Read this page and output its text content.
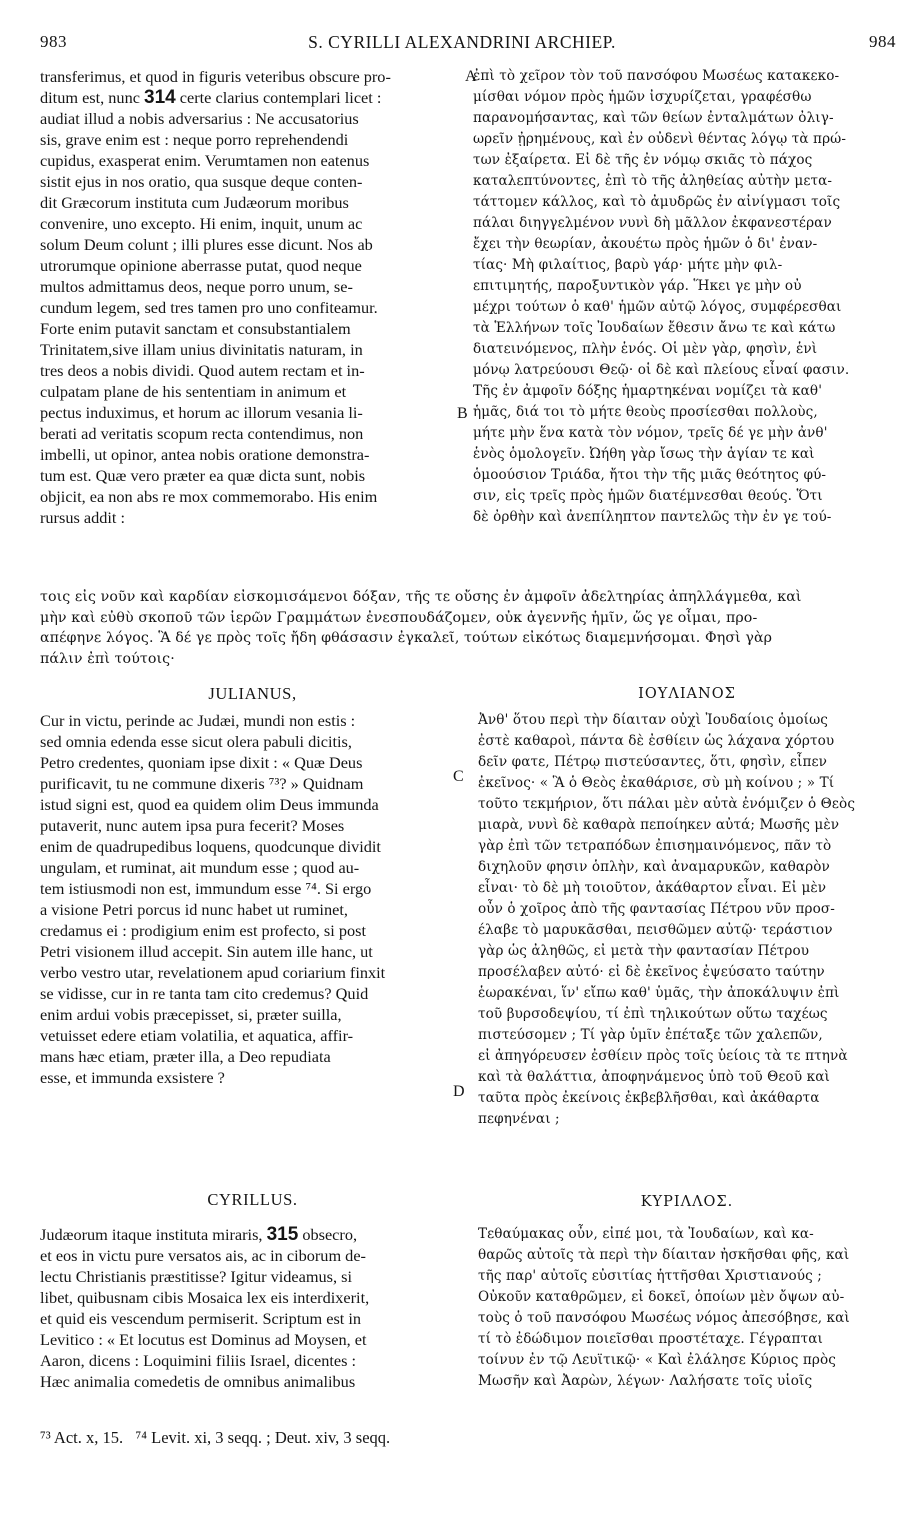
983	S. CYRILLI ALEXANDRINI ARCHIEP.	984
transferimus, et quod in figuris veteribus obscure pro-
ditum est, nunc 314 certe clarius contemplari licet :
audiat illud a nobis adversarius : Ne accusatorius
sis, grave enim est : neque porro reprehendendi
cupidus, exasperat enim. Verumtamen non eatenus
sistit ejus in nos oratio, qua susque deque conten-
dit Græcorum instituta cum Judæorum moribus
convenire, uno excepto. Hi enim, inquit, unum ac
solum Deum colunt ; illi plures esse dicunt. Nos ab
utrorumque opinione aberrasse putat, quod neque
multos admittamus deos, neque porro unum, se-
cundum legem, sed tres tamen pro uno confiteamur.
Forte enim putavit sanctam et consubstantialem
Trinitatem,sive illam unius divinitatis naturam, in
tres deos a nobis dividi. Quod autem rectam et in-
culpatam plane de his sententiam in animum et
pectus induximus, et horum ac illorum vesania li-
berati ad veritatis scopum recta contendimus, non
imbelli, ut opinor, antea nobis oratione demonstra-
tum est. Quæ vero præter ea quæ dicta sunt, nobis
objicit, ea non abs re mox commemorabo. His enim
rursus addit :
ἐπὶ τὸ χεῖρον τὸν τοῦ πανσόφου Μωσέως κατακεκο-
μίσθαι νόμον πρὸς ἡμῶν ἰσχυρίζεται, γραφέσθω
παρανομήσαντας, καὶ τῶν θείων ἐνταλμάτων ὀλιγ-
ωρεῖν ᾐρημένους, καὶ ἐν οὐδενὶ θέντας λόγῳ τὰ πρώ-
των ἐξαίρετα. Εἰ δὲ τῆς ἐν νόμῳ σκιᾶς τὸ πάχος
καταλεπτύνοντες, ἐπὶ τὸ τῆς ἀληθείας αὐτὴν μετα-
τάττομεν κάλλος, καὶ τὸ ἀμυδρῶς ἐν αἰνίγμασι τοῖς
πάλαι διηγγελμένον νυνὶ δὴ μᾶλλον ἐκφανεστέραν
ἔχει τὴν θεωρίαν, ἀκουέτω πρὸς ἡμῶν ὁ δι' ἐναν-
τίας· Μὴ φιλαίτιος, βαρὺ γάρ· μήτε μὴν φιλ-
επιτιμητής, παροξυντικὸν γάρ. Ἥκει γε μὴν οὐ
μέχρι τούτων ὁ καθ' ἡμῶν αὐτῷ λόγος, συμφέρεσθαι
τὰ Ἑλλήνων τοῖς Ἰουδαίων ἔθεσιν ἄνω τε καὶ κάτω
διατεινόμενος, πλὴν ἑνός. Οἱ μὲν γὰρ, φησὶν, ἑνὶ
μόνῳ λατρεύουσι Θεῷ· οἱ δὲ καὶ πλείους εἶναί φασιν.
Τῆς ἐν ἀμφοῖν δόξης ἡμαρτηκέναι νομίζει τὰ καθ'
ἡμᾶς, διά τοι τὸ μήτε θεοὺς προσίεσθαι πολλοὺς,
μήτε μὴν ἕνα κατὰ τὸν νόμον, τρεῖς δέ γε μὴν ἀνθ'
ἑνὸς ὁμολογεῖν. Ὠήθη γὰρ ἴσως τὴν ἁγίαν τε καὶ
ὁμοούσιον Τριάδα, ἤτοι τὴν τῆς μιᾶς θεότητος φύ-
σιν, εἰς τρεῖς πρὸς ἡμῶν διατέμνεσθαι θεούς. Ὅτι
δὲ ὀρθὴν καὶ ἀνεπίληπτον παντελῶς τὴν ἐν γε τού-
τοις εἰς νοῦν καὶ καρδίαν εἰσκομισάμενοι δόξαν, τῆς τε οὔσης ἐν ἀμφοῖν ἀδελτηρίας ἀπηλλάγμεθα, καὶ
μὴν καὶ εὐθὺ σκοποῦ τῶν ἱερῶν Γραμμάτων ἐνεσπουδάζομεν, οὐκ ἀγεννῆς ἡμῖν, ὥς γε οἶμαι, προ-
απέφηνε λόγος. Ἃ δέ γε πρὸς τοῖς ἤδη φθάσασιν ἐγκαλεῖ, τούτων εἰκότως διαμεμνήσομαι. Φησὶ γὰρ
πάλιν ἐπὶ τούτοις·
A
B
C
D
JULIANUS,	ΙΟΥΛΙΑΝΟΣ
Cur in victu, perinde ac Judæi, mundi non estis :
sed omnia edenda esse sicut olera pabuli dicitis,
Petro credentes, quoniam ipse dixit : « Quæ Deus
purificavit, tu ne commune dixeris ⁷³? » Quidnam
istud signi est, quod ea quidem olim Deus immunda
putaverit, nunc autem ipsa pura fecerit? Moses
enim de quadrupedibus loquens, quodcunque dividit
ungulam, et ruminat, ait mundum esse ; quod au-
tem istiusmodi non est, immundum esse ⁷⁴. Si ergo
a visione Petri porcus id nunc habet ut ruminet,
credamus ei : prodigium enim est profecto, si post
Petri visionem illud accepit. Sin autem ille hanc, ut
verbo vestro utar, revelationem apud coriarium finxit
se vidisse, cur in re tanta tam cito credemus? Quid
enim ardui vobis præcepisset, si, præter suilla,
vetuisset edere etiam volatilia, et aquatica, affir-
mans hæc etiam, præter illa, a Deo repudiata
esse, et immunda exsistere ?
Ἀνθ' ὅτου περὶ τὴν δίαιταν οὐχὶ Ἰουδαίοις ὁμοίως
ἐστὲ καθαροὶ, πάντα δὲ ἐσθίειν ὡς λάχανα χόρτου
δεῖν φατε, Πέτρῳ πιστεύσαντες, ὅτι, φησὶν, εἶπεν
ἐκεῖνος· « Ἃ ὁ Θεὸς ἐκαθάρισε, σὺ μὴ κοίνου ; » Τί
τοῦτο τεκμήριον, ὅτι πάλαι μὲν αὐτὰ ἐνόμιζεν ὁ Θεὸς
μιαρὰ, νυνὶ δὲ καθαρὰ πεποίηκεν αὐτά; Μωσῆς μὲν
γὰρ ἐπὶ τῶν τετραπόδων ἐπισημαινόμενος, πᾶν τὸ
διχηλοῦν φησιν ὁπλὴν, καὶ ἀναμαρυκῶν, καθαρὸν
εἶναι· τὸ δὲ μὴ τοιοῦτον, ἀκάθαρτον εἶναι. Εἰ μὲν
οὖν ὁ χοῖρος ἀπὸ τῆς φαντασίας Πέτρου νῦν προσ-
έλαβε τὸ μαρυκᾶσθαι, πεισθῶμεν αὐτῷ· τεράστιον
γὰρ ὡς ἀληθῶς, εἰ μετὰ τὴν φαντασίαν Πέτρου
προσέλαβεν αὐτό· εἰ δὲ ἐκεῖνος ἐψεύσατο ταύτην
ἑωρακέναι, ἵν' εἴπω καθ' ὑμᾶς, τὴν ἀποκάλυψιν ἐπὶ
τοῦ βυρσοδεψίου, τί ἐπὶ τηλικούτων οὕτω ταχέως
πιστεύσομεν ; Τί γὰρ ὑμῖν ἐπέταξε τῶν χαλεπῶν,
εἰ ἀπηγόρευσεν ἐσθίειν πρὸς τοῖς ὑείοις τὰ τε πτηνὰ
καὶ τὰ θαλάττια, ἀποφηνάμενος ὑπὸ τοῦ Θεοῦ καὶ
ταῦτα πρὸς ἐκείνοις ἐκβεβλῆσθαι, καὶ ἀκάθαρτα
πεφηνέναι ;
CYRILLUS.	ΚΥΡΙΛΛΟΣ.
Judæorum itaque instituta miraris, 315 obsecro,
et eos in victu pure versatos ais, ac in ciborum de-
lectu Christianis præstitisse? Igitur videamus, si
libet, quibusnam cibis Mosaica lex eis interdixerit,
et quid eis vescendum permiserit. Scriptum est in
Levitico : « Et locutus est Dominus ad Moysen, et
Aaron, dicens : Loquimini filiis Israel, dicentes :
Hæc animalia comedetis de omnibus animalibus
Τεθαύμακας οὖν, εἰπέ μοι, τὰ Ἰουδαίων, καὶ κα-
θαρῶς αὐτοῖς τὰ περὶ τὴν δίαιταν ἠσκῆσθαι φῆς, καὶ
τῆς παρ' αὐτοῖς εὐσιτίας ἡττῆσθαι Χριστιανούς ;
Οὐκοῦν καταθρῶμεν, εἰ δοκεῖ, ὁποίων μὲν ὄψων αὐ-
τοὺς ὁ τοῦ πανσόφου Μωσέως νόμος ἀπεσόβησε, καὶ
τί τὸ ἐδώδιμον ποιεῖσθαι προστέταχε. Γέγραπται
τοίνυν ἐν τῷ Λευϊτικῷ· « Καὶ ἐλάλησε Κύριος πρὸς
Μωσῆν καὶ Ἀαρὼν, λέγων· Λαλήσατε τοῖς υἱοῖς
⁷³ Act. x, 15.   ⁷⁴ Levit. xi, 3 seqq. ; Deut. xiv, 3 seqq.
